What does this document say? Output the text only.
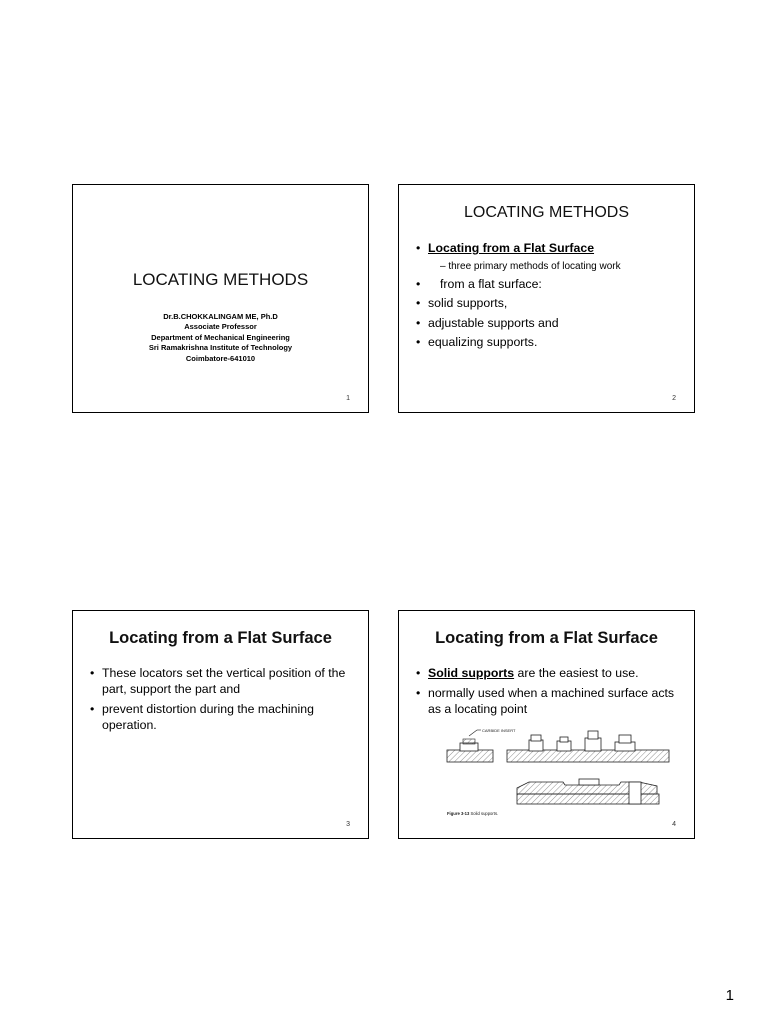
LOCATING METHODS
Dr.B.CHOKKALINGAM ME, Ph.D
Associate Professor
Department of Mechanical Engineering
Sri Ramakrishna Institute of Technology
Coimbatore-641010
1
LOCATING METHODS
• Locating from a Flat Surface
– three primary methods of locating work
• from a flat surface:
• solid supports,
• adjustable supports and
• equalizing supports.
2
Locating from a Flat Surface
• These locators set the vertical position of the part, support the part and
• prevent distortion during the machining operation.
3
Locating from a Flat Surface
• Solid supports are the easiest to use.
• normally used when a machined surface acts as a locating point
CARBIDE INSERT
Figure 3-13 Solid supports.
4
1
